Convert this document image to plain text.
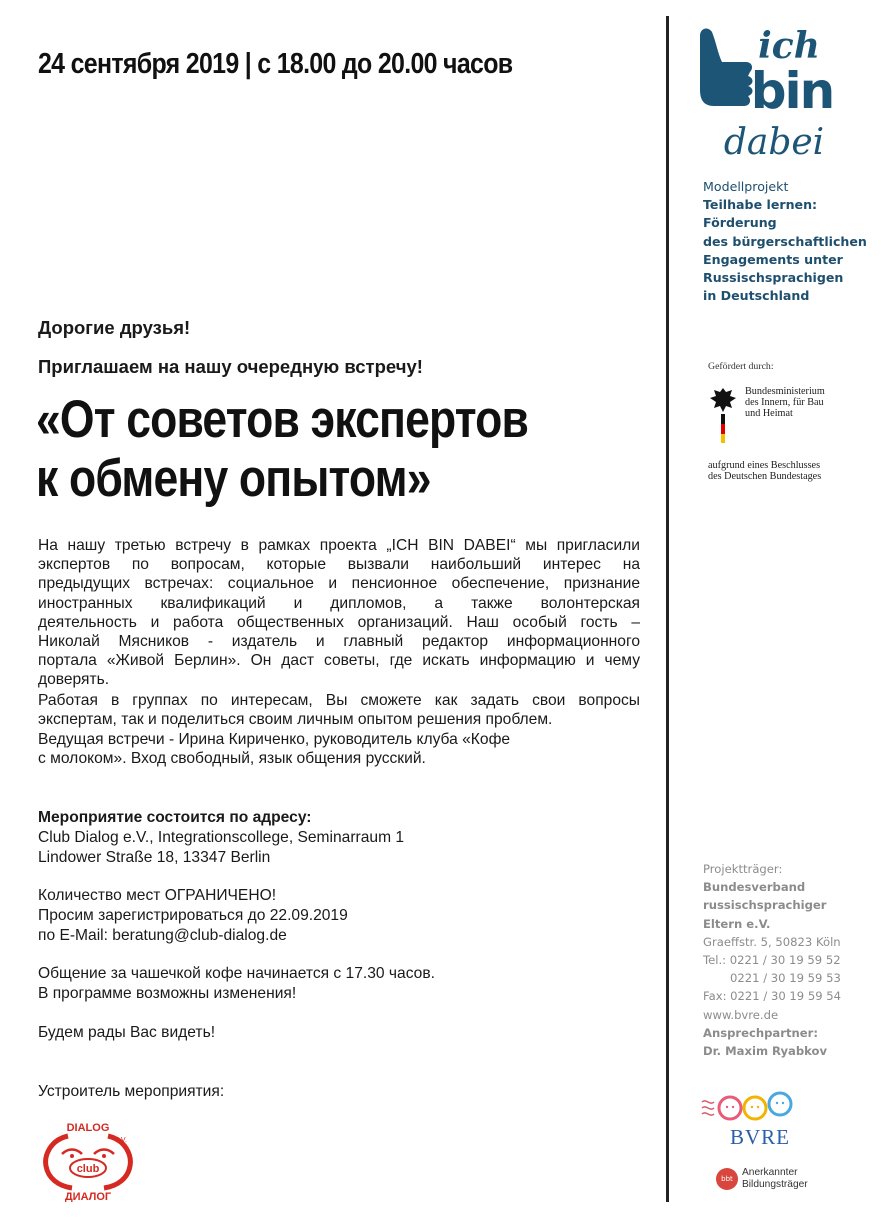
24 сентября 2019 | с 18.00 до 20.00 часов
Дорогие друзья!
Приглашаем на нашу очередную встречу!
«От советов экспертов
к обмену опытом»
На нашу третью встречу в рамках проекта „ICH BIN DABEI“ мы пригласили
экспертов по вопросам, которые вызвали наибольший интерес на
предыдущих встречах: социальное и пенсионное обеспечение, признание
иностранных квалификаций и дипломов, а также волонтерская
деятельность и работа общественных организаций. Наш особый гость –
Николай Мясников - издатель и главный редактор информационного
портала «Живой Берлин». Он даст советы, где искать информацию и чему
доверять.
Работая в группах по интересам, Вы сможете как задать свои вопросы
экспертам, так и поделиться своим личным опытом решения проблем.
Ведущая встречи - Ирина Кириченко, руководитель клуба «Кофе
с молоком». Вход свободный, язык общения русский.
Мероприятие состоится по адресу:
Club Dialog e.V., Integrationscollege, Seminarraum 1
Lindower Straße 18, 13347 Berlin
Количество мест ОГРАНИЧЕНО!
Просим зарегистрироваться до 22.09.2019
по E-Mail: beratung@club-dialog.de
Общение за чашечкой кофе начинается с 17.30 часов.
В программе возможны изменения!
Будем рады Вас видеть!
Устроитель мероприятия:
DIALOG
e.V.
club
ДИАЛОГ
ich
bin
dabei
Modellprojekt
Teilhabe lernen:
Förderung
des bürgerschaftlichen
Engagements unter
Russischsprachigen
in Deutschland
Gefördert durch:
Bundesministerium
des Innern, für Bau
und Heimat
aufgrund eines Beschlusses
des Deutschen Bundestages
Projektträger:
Bundesverband
russischsprachiger
Eltern e.V.
Graeffstr. 5, 50823 Köln
Tel.: 0221 / 30 19 59 52
0221 / 30 19 59 53
Fax: 0221 / 30 19 59 54
www.bvre.de
Ansprechpartner:
Dr. Maxim Ryabkov
BVRE
bbt
Anerkannter
Bildungsträger
